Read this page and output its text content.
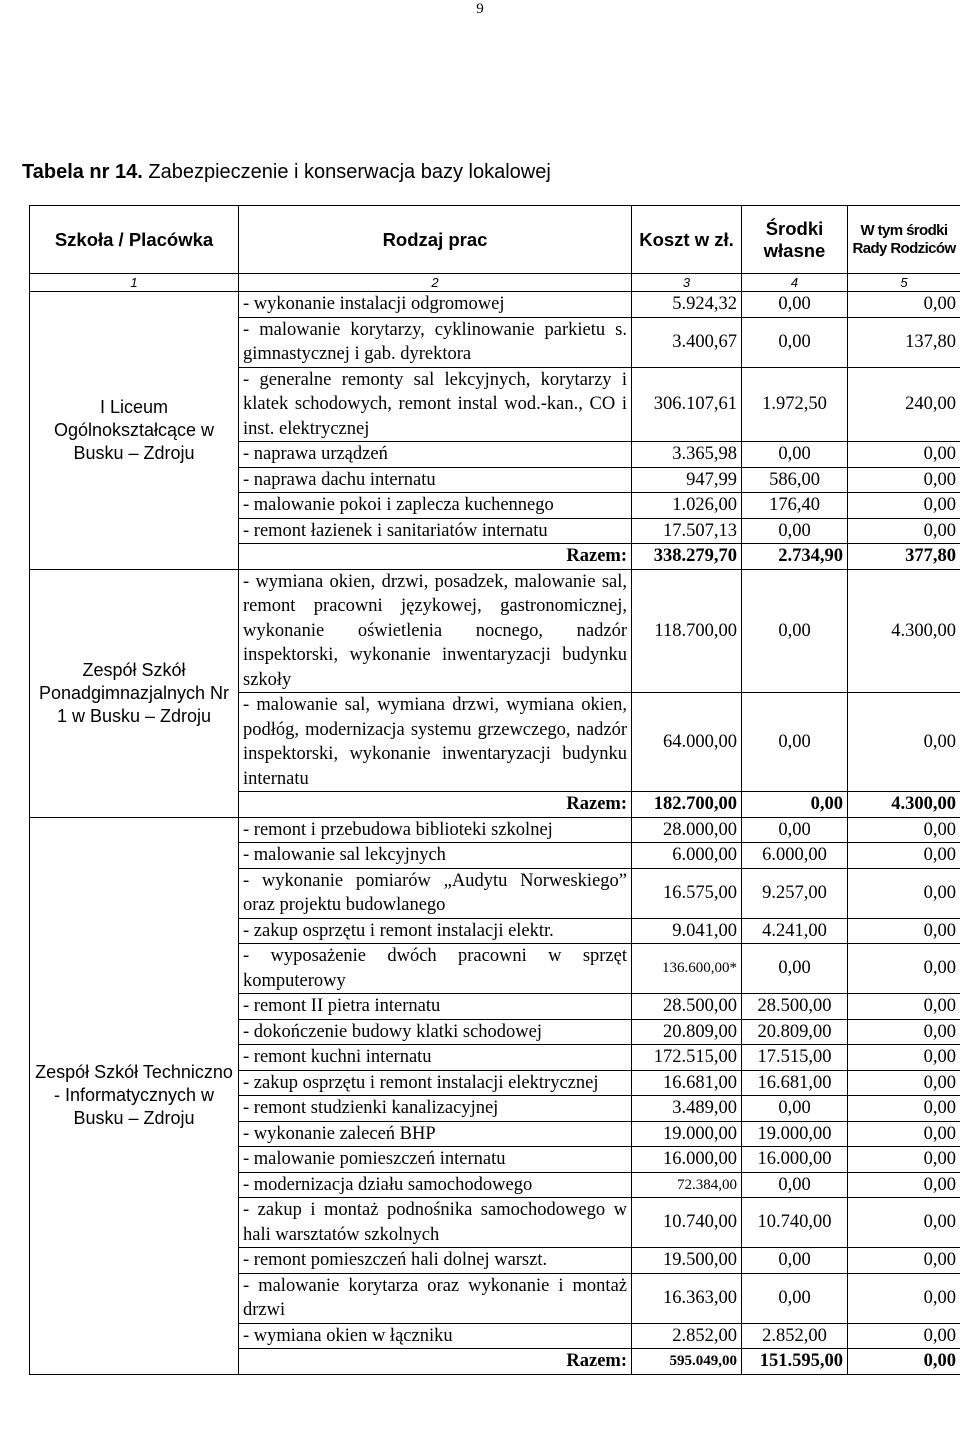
9
Tabela nr 14. Zabezpieczenie i konserwacja bazy lokalowej
Szkoła / Placówka	Rodzaj prac	Koszt w zł.	Środki własne	W tym środki Rady Rodziców
1	2	3	4	5
I Liceum Ogólnokształcące w Busku – Zdroju	- wykonanie instalacji odgromowej	5.924,32	0,00	0,00
	- malowanie korytarzy, cyklinowanie parkietu s. gimnastycznej i gab. dyrektora	3.400,67	0,00	137,80
	- generalne remonty sal lekcyjnych, korytarzy i klatek schodowych, remont instal wod.-kan., CO i inst. elektrycznej	306.107,61	1.972,50	240,00
	- naprawa urządzeń	3.365,98	0,00	0,00
	- naprawa dachu internatu	947,99	586,00	0,00
	- malowanie pokoi i zaplecza kuchennego	1.026,00	176,40	0,00
	- remont łazienek i sanitariatów internatu	17.507,13	0,00	0,00
	Razem:	338.279,70	2.734,90	377,80
Zespół Szkół Ponadgimnazjalnych Nr 1 w Busku – Zdroju	- wymiana okien, drzwi, posadzek, malowanie sal, remont pracowni językowej, gastronomicznej, wykonanie oświetlenia nocnego, nadzór inspektorski, wykonanie inwentaryzacji budynku szkoły	118.700,00	0,00	4.300,00
	- malowanie sal, wymiana drzwi, wymiana okien, podłóg, modernizacja systemu grzewczego, nadzór inspektorski, wykonanie inwentaryzacji budynku internatu	64.000,00	0,00	0,00
	Razem:	182.700,00	0,00	4.300,00
Zespół Szkół Techniczno - Informatycznych w Busku – Zdroju	- remont i przebudowa biblioteki szkolnej	28.000,00	0,00	0,00
	- malowanie sal lekcyjnych	6.000,00	6.000,00	0,00
	- wykonanie pomiarów „Audytu Norweskiego” oraz projektu budowlanego	16.575,00	9.257,00	0,00
	- zakup osprzętu i remont instalacji elektr.	9.041,00	4.241,00	0,00
	- wyposażenie dwóch pracowni w sprzęt komputerowy	136.600,00*	0,00	0,00
	- remont II pietra internatu	28.500,00	28.500,00	0,00
	- dokończenie budowy klatki schodowej	20.809,00	20.809,00	0,00
	- remont kuchni internatu	172.515,00	17.515,00	0,00
	- zakup osprzętu i remont instalacji elektrycznej	16.681,00	16.681,00	0,00
	- remont studzienki kanalizacyjnej	3.489,00	0,00	0,00
	- wykonanie zaleceń BHP	19.000,00	19.000,00	0,00
	- malowanie pomieszczeń internatu	16.000,00	16.000,00	0,00
	- modernizacja działu samochodowego	72.384,00	0,00	0,00
	- zakup i montaż podnośnika samochodowego w hali warsztatów szkolnych	10.740,00	10.740,00	0,00
	- remont pomieszczeń hali dolnej warszt.	19.500,00	0,00	0,00
	- malowanie korytarza oraz wykonanie i montaż drzwi	16.363,00	0,00	0,00
	- wymiana okien w łączniku	2.852,00	2.852,00	0,00
	Razem:	595.049,00	151.595,00	0,00
